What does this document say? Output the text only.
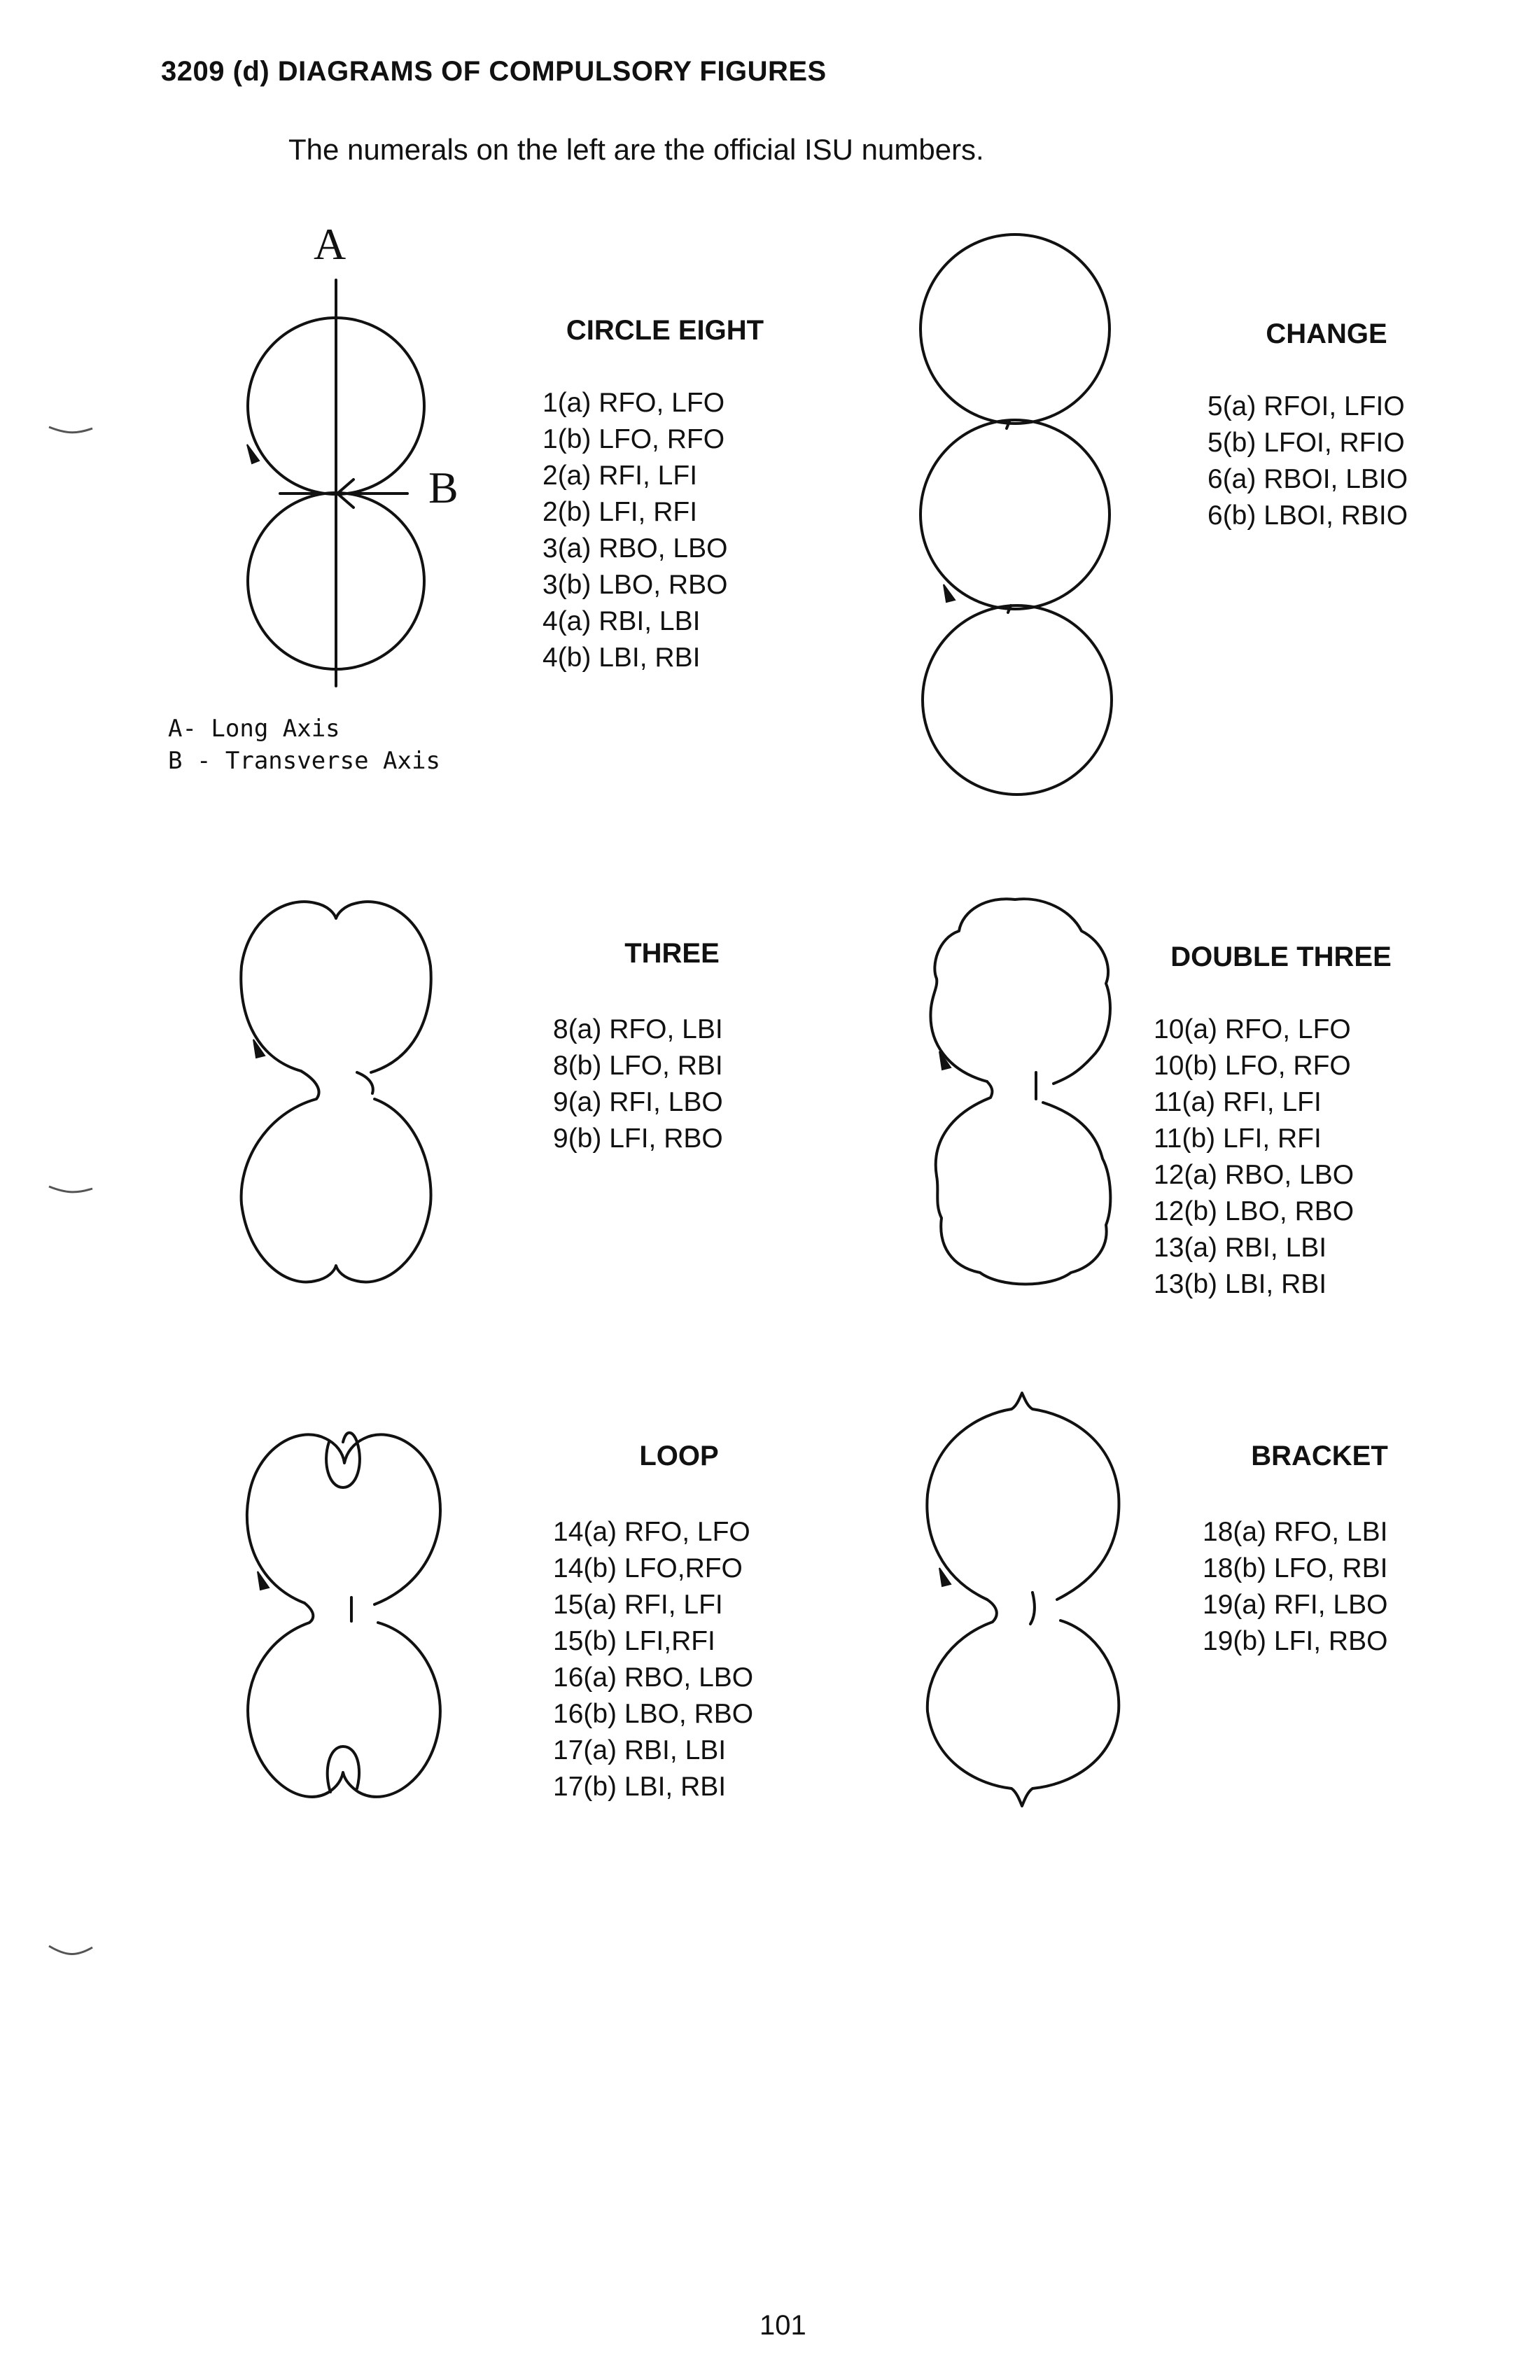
3209 (d) DIAGRAMS OF COMPULSORY FIGURES
The numerals on the left are the official ISU numbers.
A
B
A- Long Axis
B - Transverse Axis
CIRCLE EIGHT
1(a) RFO, LFO
1(b) LFO, RFO
2(a) RFI, LFI
2(b) LFI, RFI
3(a) RBO, LBO
3(b) LBO, RBO
4(a) RBI, LBI
4(b) LBI, RBI
CHANGE
5(a) RFOI, LFIO
5(b) LFOI, RFIO
6(a) RBOI, LBIO
6(b) LBOI, RBIO
THREE
8(a) RFO, LBI
8(b) LFO, RBI
9(a) RFI, LBO
9(b) LFI, RBO
DOUBLE THREE
10(a) RFO, LFO
10(b) LFO, RFO
11(a) RFI, LFI
11(b) LFI, RFI
12(a) RBO, LBO
12(b) LBO, RBO
13(a) RBI, LBI
13(b) LBI, RBI
LOOP
14(a) RFO, LFO
14(b) LFO,RFO
15(a) RFI, LFI
15(b) LFI,RFI
16(a) RBO, LBO
16(b) LBO, RBO
17(a) RBI, LBI
17(b) LBI, RBI
BRACKET
18(a) RFO, LBI
18(b) LFO, RBI
19(a) RFI, LBO
19(b) LFI, RBO
101
